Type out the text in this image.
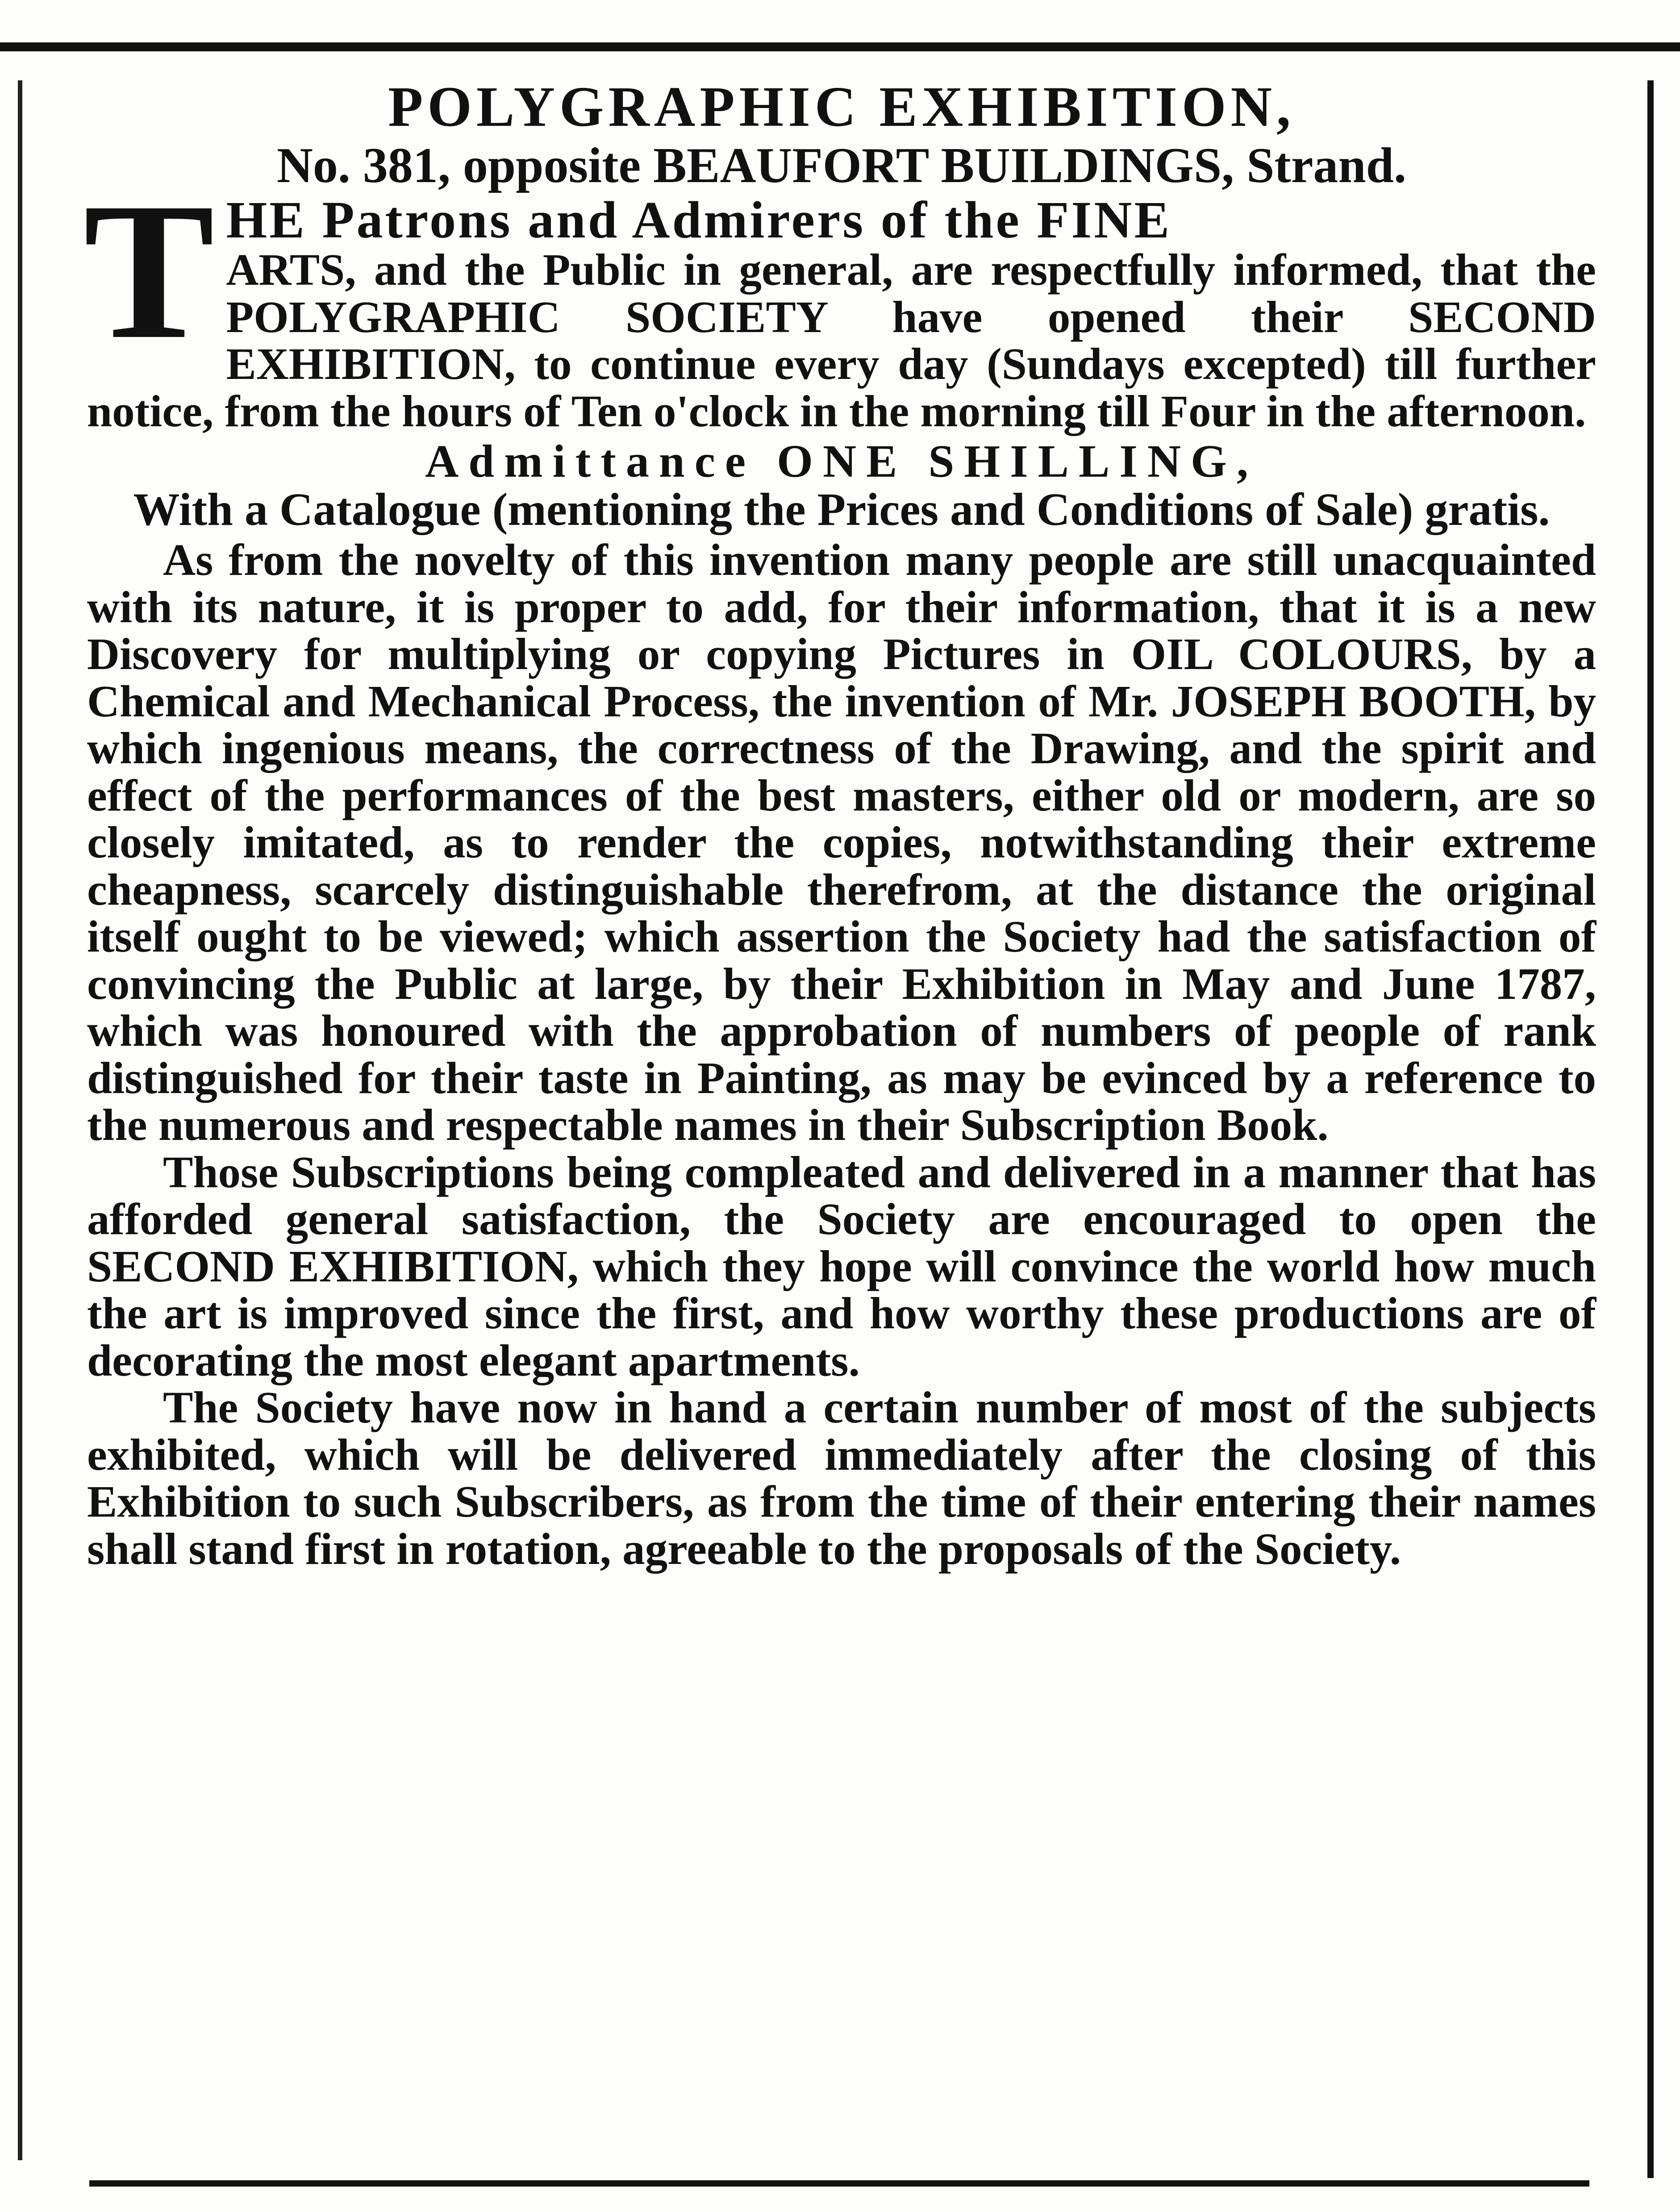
POLYGRAPHIC EXHIBITION,

No. 381, opposite BEAUFORT BUILDINGS, Strand.

T HE Patrons and Admirers of the FINE

ARTS, and the Public in general, are respectfully informed, that the POLYGRAPHIC SOCIETY have opened their SECOND EXHIBITION, to continue every day (Sundays excepted) till further notice, from the hours of Ten o'clock in the morning till Four in the afternoon.

Admittance ONE SHILLING,

With a Catalogue (mentioning the Prices and Conditions of Sale) gratis.

As from the novelty of this invention many people are still unacquainted with its nature, it is proper to add, for their information, that it is a new Discovery for multiplying or copying Pictures in OIL COLOURS, by a Chemical and Mechanical Process, the invention of Mr. JOSEPH BOOTH, by which ingenious means, the correctness of the Drawing, and the spirit and effect of the performances of the best masters, either old or modern, are so closely imitated, as to render the copies, notwithstanding their extreme cheapness, scarcely distinguishable therefrom, at the distance the original itself ought to be viewed; which assertion the Society had the satisfaction of convincing the Public at large, by their Exhibition in May and June 1787, which was honoured with the approbation of numbers of people of rank distinguished for their taste in Painting, as may be evinced by a reference to the numerous and respectable names in their Subscription Book.

Those Subscriptions being compleated and delivered in a manner that has afforded general satisfaction, the Society are encouraged to open the SECOND EXHIBITION, which they hope will convince the world how much the art is improved since the first, and how worthy these productions are of decorating the most elegant apartments.

The Society have now in hand a certain number of most of the subjects exhibited, which will be delivered immediately after the closing of this Exhibition to such Subscribers, as from the time of their entering their names shall stand first in rotation, agreeable to the proposals of the Society.
